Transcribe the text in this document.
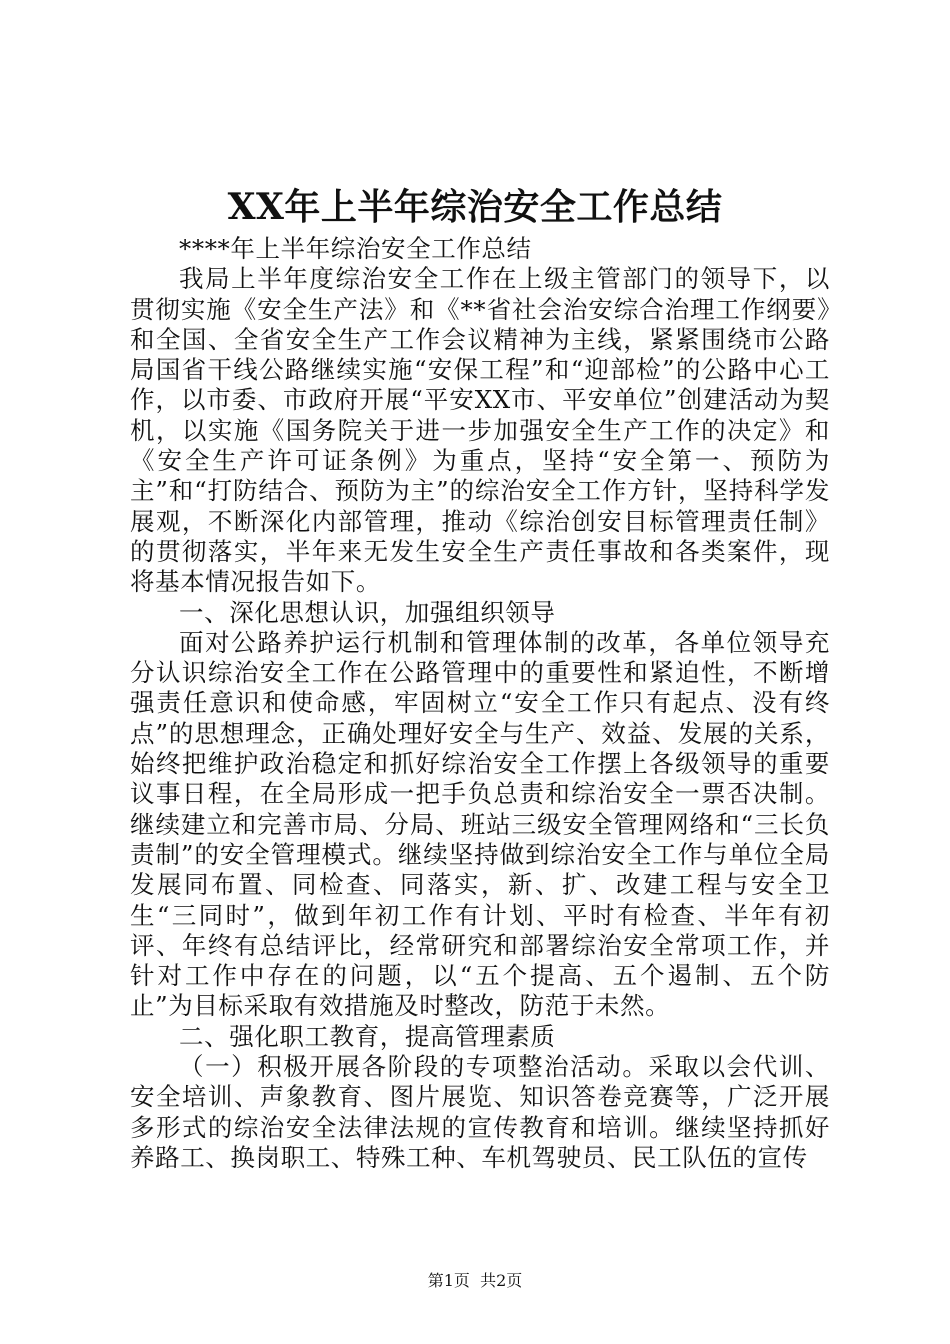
XX年上半年综治安全工作总结

****年上半年综治安全工作总结

我局上半年度综治安全工作在上级主管部门的领导下，以贯彻实施《安全生产法》和《**省社会治安综合治理工作纲要》和全国、全省安全生产工作会议精神为主线，紧紧围绕市公路局国省干线公路继续实施“安保工程”和“迎部检”的公路中心工作，以市委、市政府开展“平安XX市、平安单位”创建活动为契机，以实施《国务院关于进一步加强安全生产工作的决定》和《安全生产许可证条例》为重点，坚持“安全第一、预防为主”和“打防结合、预防为主”的综治安全工作方针，坚持科学发展观，不断深化内部管理，推动《综治创安目标管理责任制》的贯彻落实，半年来无发生安全生产责任事故和各类案件，现将基本情况报告如下。

一、深化思想认识，加强组织领导

面对公路养护运行机制和管理体制的改革，各单位领导充分认识综治安全工作在公路管理中的重要性和紧迫性，不断增强责任意识和使命感，牢固树立“安全工作只有起点、没有终点”的思想理念，正确处理好安全与生产、效益、发展的关系，始终把维护政治稳定和抓好综治安全工作摆上各级领导的重要议事日程，在全局形成一把手负总责和综治安全一票否决制。继续建立和完善市局、分局、班站三级安全管理网络和“三长负责制”的安全管理模式。继续坚持做到综治安全工作与单位全局发展同布置、同检查、同落实，新、扩、改建工程与安全卫生“三同时”，做到年初工作有计划、平时有检查、半年有初评、年终有总结评比，经常研究和部署综治安全常项工作，并针对工作中存在的问题，以“五个提高、五个遏制、五个防止”为目标采取有效措施及时整改，防范于未然。

二、强化职工教育，提高管理素质

（一）积极开展各阶段的专项整治活动。采取以会代训、安全培训、声象教育、图片展览、知识答卷竞赛等，广泛开展多形式的综治安全法律法规的宣传教育和培训。继续坚持抓好养路工、换岗职工、特殊工种、车机驾驶员、民工队伍的宣传

第1页 共2页
